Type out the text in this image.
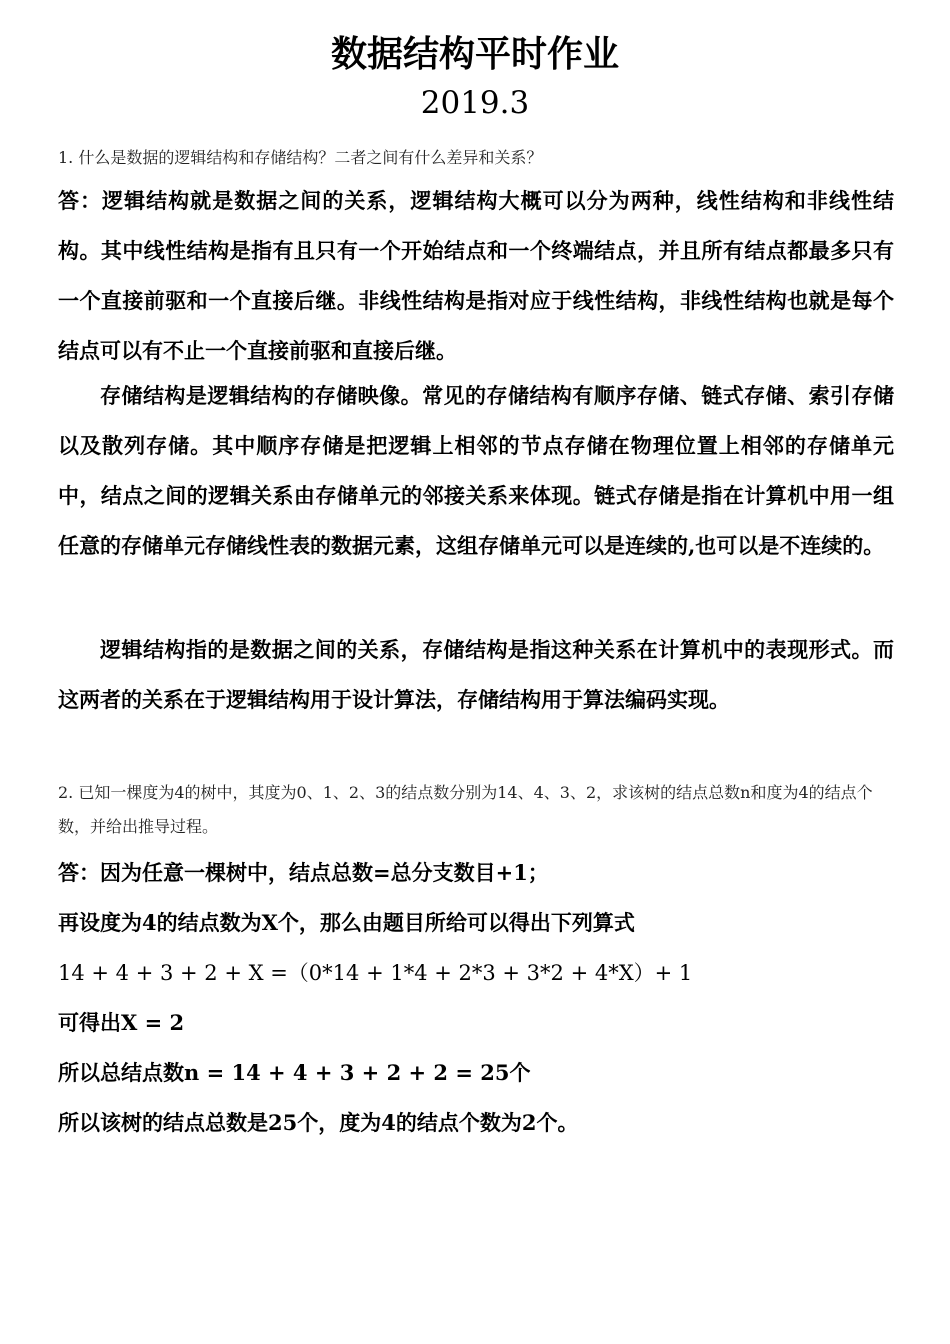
数据结构平时作业
2019.3
1. 什么是数据的逻辑结构和存储结构？二者之间有什么差异和关系？
答：逻辑结构就是数据之间的关系，逻辑结构大概可以分为两种，线性结构和非线性结构。其中线性结构是指有且只有一个开始结点和一个终端结点，并且所有结点都最多只有一个直接前驱和一个直接后继。非线性结构是指对应于线性结构，非线性结构也就是每个结点可以有不止一个直接前驱和直接后继。
存储结构是逻辑结构的存储映像。常见的存储结构有顺序存储、链式存储、索引存储以及散列存储。其中顺序存储是把逻辑上相邻的节点存储在物理位置上相邻的存储单元中，结点之间的逻辑关系由存储单元的邻接关系来体现。链式存储是指在计算机中用一组任意的存储单元存储线性表的数据元素，这组存储单元可以是连续的,也可以是不连续的。
逻辑结构指的是数据之间的关系，存储结构是指这种关系在计算机中的表现形式。而这两者的关系在于逻辑结构用于设计算法，存储结构用于算法编码实现。
2. 已知一棵度为4的树中，其度为0、1、2、3的结点数分别为14、4、3、2，求该树的结点总数n和度为4的结点个数，并给出推导过程。
答：因为任意一棵树中，结点总数=总分支数目+1；
再设度为4的结点数为X个，那么由题目所给可以得出下列算式
14 + 4 + 3 + 2 + X =（0*14 + 1*4 + 2*3 + 3*2 + 4*X）+ 1
可得出X = 2
所以总结点数n = 14 + 4 + 3 + 2 + 2 = 25个
所以该树的结点总数是25个，度为4的结点个数为2个。
